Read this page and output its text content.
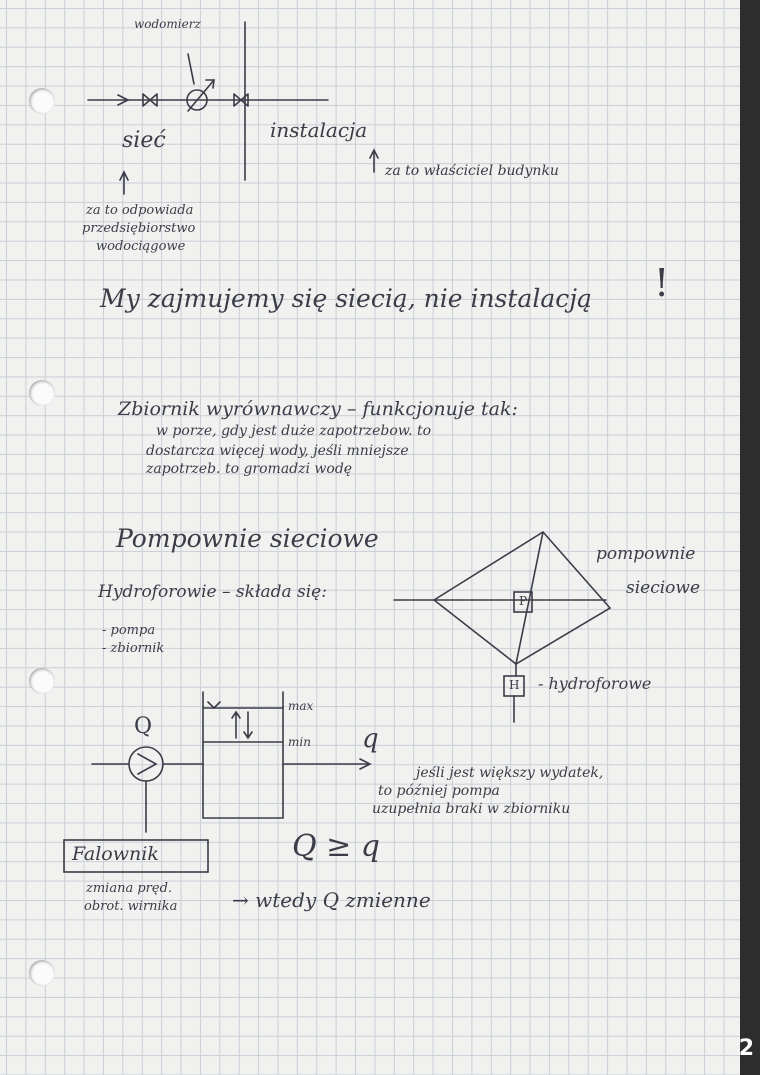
wodomierz
sieć	instalacja
za to właściciel budynku
za to odpowiada
przedsiębiorstwo
wodociągowe
My zajmujemy się siecią, nie instalacją !
Zbiornik wyrównawczy – funkcjonuje tak:
w porze, gdy jest duże zapotrzebow. to
dostarcza więcej wody, jeśli mniejsze
zapotrzeb. to gromadzi wodę
Pompownie sieciowe
Hydroforowie – składa się:
- pompa
- zbiornik
pompownie
sieciowe
- hydroforowe
P
H
Q	q
max
min
jeśli jest większy wydatek,
to później pompa
uzupełnia braki w zbiorniku
Falownik	Q ≥ q
zmiana pręd.
obrot. wirnika	→ wtedy Q zmienne
2
